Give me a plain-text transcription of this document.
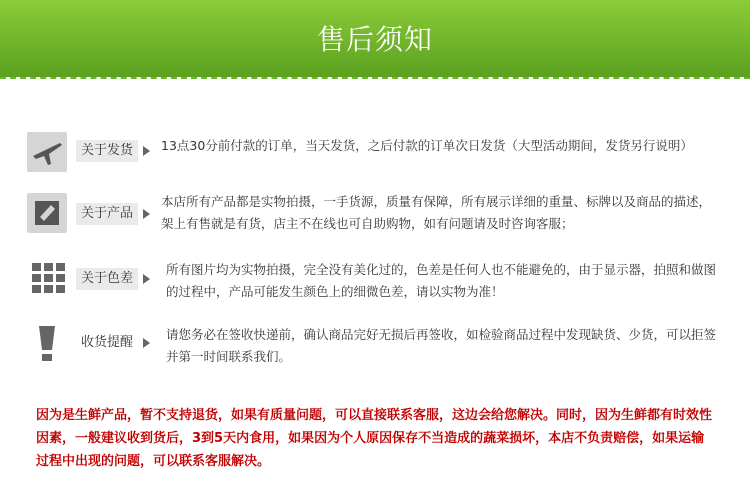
售后须知
关于发货	13点30分前付款的订单，当天发货，之后付款的订单次日发货（大型活动期间，发货另行说明）
关于产品
本店所有产品都是实物拍摄，一手货源，质量有保障，所有展示详细的重量、标牌以及商品的描述，架上有售就是有货，店主不在线也可自助购物，如有问题请及时咨询客服；
关于色差
所有图片均为实物拍摄，完全没有美化过的，色差是任何人也不能避免的，由于显示器，拍照和做图的过程中，产品可能发生颜色上的细微色差，请以实物为准！
收货提醒
请您务必在签收快递前，确认商品完好无损后再签收，如检验商品过程中发现缺货、少货，可以拒签并第一时间联系我们。
因为是生鲜产品，暂不支持退货，如果有质量问题，可以直接联系客服，这边会给您解决。同时，因为生鲜都有时效性因素，一般建议收到货后，3到5天内食用，如果因为个人原因保存不当造成的蔬菜损坏，本店不负责赔偿，如果运输过程中出现的问题，可以联系客服解决。
